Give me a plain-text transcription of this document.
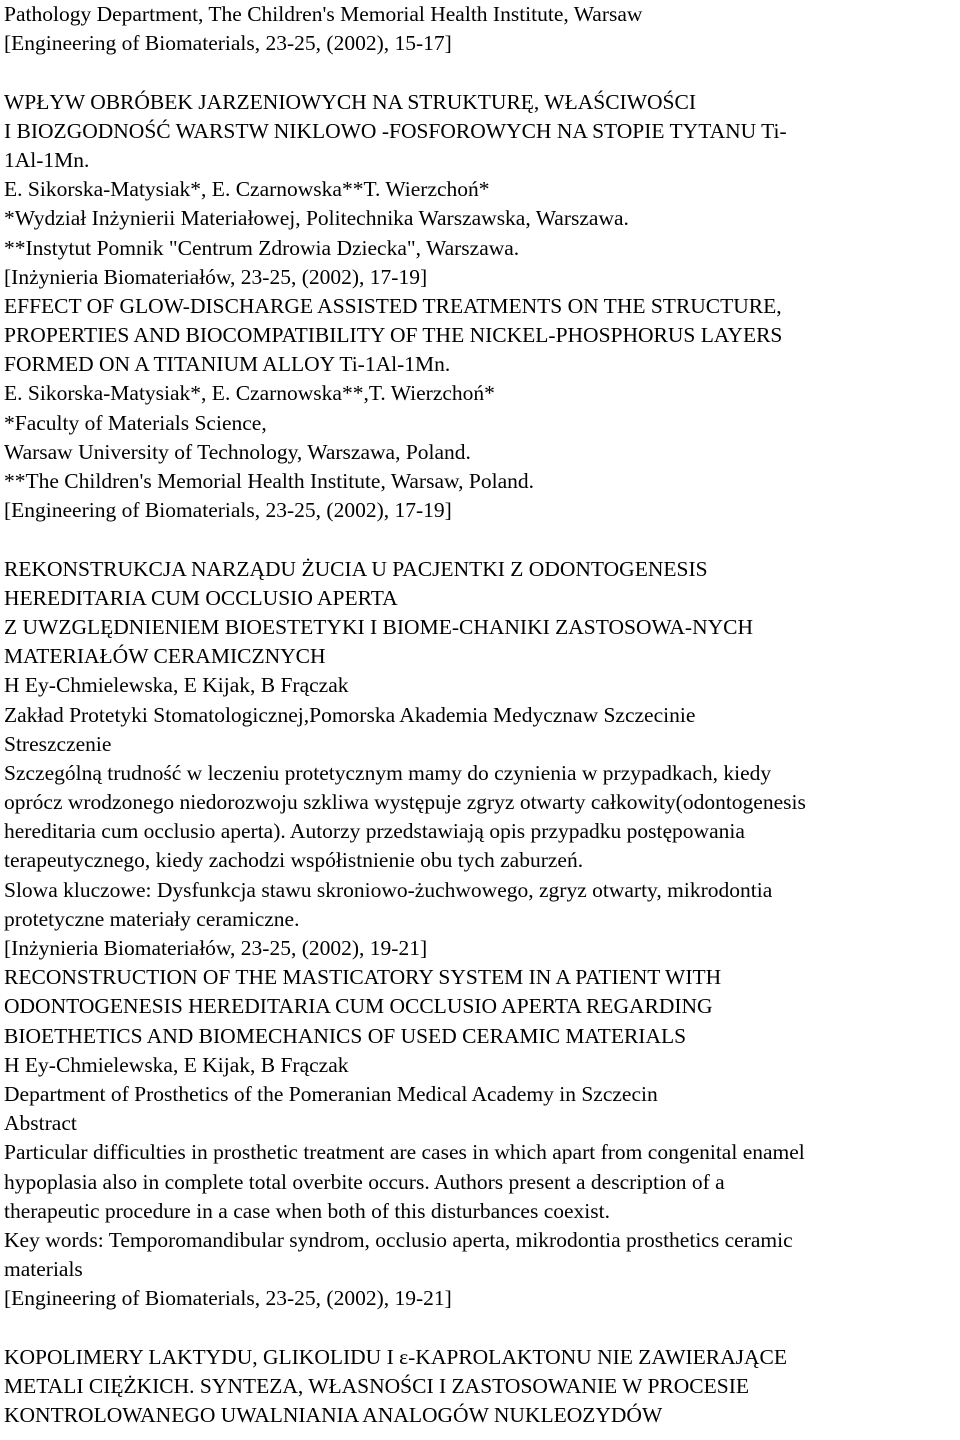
Pathology Department, The Children's Memorial Health Institute, Warsaw
[Engineering of Biomaterials, 23-25, (2002), 15-17]
WPŁYW OBRÓBEK JARZENIOWYCH NA STRUKTURĘ, WŁAŚCIWOŚCI
I BIOZGODNOŚĆ WARSTW NIKLOWO -FOSFOROWYCH NA STOPIE TYTANU Ti-
1Al-1Mn.
E. Sikorska-Matysiak*, E. Czarnowska**T. Wierzchoń*
*Wydział Inżynierii Materiałowej, Politechnika Warszawska, Warszawa.
**Instytut Pomnik "Centrum Zdrowia Dziecka", Warszawa.
[Inżynieria Biomateriałów, 23-25, (2002), 17-19]
EFFECT OF GLOW-DISCHARGE ASSISTED TREATMENTS ON THE STRUCTURE,
PROPERTIES AND BIOCOMPATIBILITY OF THE NICKEL-PHOSPHORUS LAYERS
FORMED ON A TITANIUM ALLOY Ti-1Al-1Mn.
E. Sikorska-Matysiak*, E. Czarnowska**,T. Wierzchoń*
*Faculty of Materials Science,
Warsaw University of Technology, Warszawa, Poland.
**The Children's Memorial Health Institute, Warsaw, Poland.
[Engineering of Biomaterials, 23-25, (2002), 17-19]
REKONSTRUKCJA NARZĄDU ŻUCIA U PACJENTKI Z ODONTOGENESIS
HEREDITARIA CUM OCCLUSIO APERTA
Z UWZGLĘDNIENIEM BIOESTETYKI I BIOME-CHANIKI ZASTOSOWA-NYCH
MATERIAŁÓW CERAMICZNYCH
H Ey-Chmielewska, E Kijak, B Frączak
Zakład Protetyki Stomatologicznej,Pomorska Akademia Medycznaw Szczecinie
Streszczenie
Szczególną trudność w leczeniu protetycznym mamy do czynienia w przypadkach, kiedy
oprócz wrodzonego niedorozwoju szkliwa występuje zgryz otwarty całkowity(odontogenesis
hereditaria cum occlusio aperta). Autorzy przedstawiają opis przypadku postępowania
terapeutycznego, kiedy zachodzi współistnienie obu tych zaburzeń.
Slowa kluczowe: Dysfunkcja stawu skroniowo-żuchwowego, zgryz otwarty, mikrodontia
protetyczne materiały ceramiczne.
[Inżynieria Biomateriałów, 23-25, (2002), 19-21]
RECONSTRUCTION OF THE MASTICATORY SYSTEM IN A PATIENT WITH
ODONTOGENESIS HEREDITARIA CUM OCCLUSIO APERTA REGARDING
BIOETHETICS AND BIOMECHANICS OF USED CERAMIC MATERIALS
H Ey-Chmielewska, E Kijak, B Frączak
Department of Prosthetics of the Pomeranian Medical Academy in Szczecin
Abstract
Particular difficulties in prosthetic treatment are cases in which apart from congenital enamel
hypoplasia also in complete total overbite occurs. Authors present a description of a
therapeutic procedure in a case when both of this disturbances coexist.
Key words: Temporomandibular syndrom, occlusio aperta, mikrodontia prosthetics ceramic
materials
[Engineering of Biomaterials, 23-25, (2002), 19-21]
KOPOLIMERY LAKTYDU, GLIKOLIDU I ε-KAPROLAKTONU NIE ZAWIERAJĄCE
METALI CIĘŻKICH. SYNTEZA, WŁASNOŚCI I ZASTOSOWANIE W PROCESIE
KONTROLOWANEGO UWALNIANIA ANALOGÓW NUKLEOZYDÓW
